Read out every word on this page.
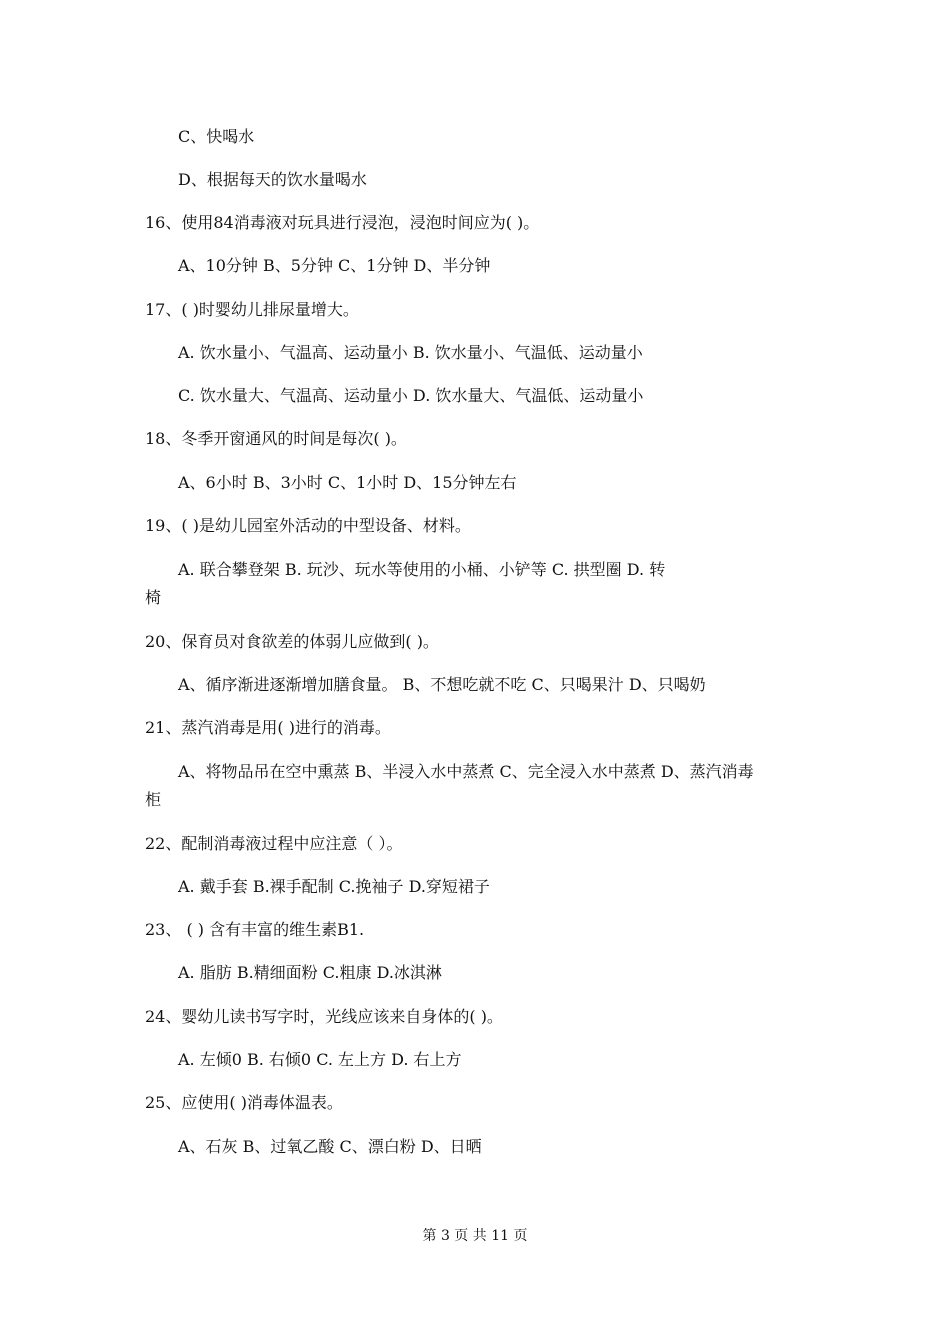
C、快喝水
D、根据每天的饮水量喝水
16、使用84消毒液对玩具进行浸泡，浸泡时间应为( )。
A、10分钟 B、5分钟 C、1分钟 D、半分钟
17、( )时婴幼儿排尿量增大。
A. 饮水量小、气温高、运动量小 B. 饮水量小、气温低、运动量小
C. 饮水量大、气温高、运动量小 D. 饮水量大、气温低、运动量小
18、冬季开窗通风的时间是每次( )。
A、6小时 B、3小时 C、1小时 D、15分钟左右
19、( )是幼儿园室外活动的中型设备、材料。
A. 联合攀登架 B. 玩沙、玩水等使用的小桶、小铲等 C. 拱型圈 D. 转
椅
20、保育员对食欲差的体弱儿应做到( )。
A、循序渐进逐渐增加膳食量。 B、不想吃就不吃 C、只喝果汁 D、只喝奶
21、蒸汽消毒是用( )进行的消毒。
A、将物品吊在空中熏蒸 B、半浸入水中蒸煮 C、完全浸入水中蒸煮 D、蒸汽消毒
柜
22、配制消毒液过程中应注意（ ）。
A. 戴手套 B.裸手配制 C.挽袖子 D.穿短裙子
23、 ( ) 含有丰富的维生素B1.
A. 脂肪 B.精细面粉 C.粗康 D.冰淇淋
24、婴幼儿读书写字时，光线应该来自身体的( )。
A. 左倾0 B. 右倾0 C. 左上方 D. 右上方
25、应使用( )消毒体温表。
A、石灰 B、过氧乙酸 C、漂白粉 D、日晒
第 3 页 共 11 页
